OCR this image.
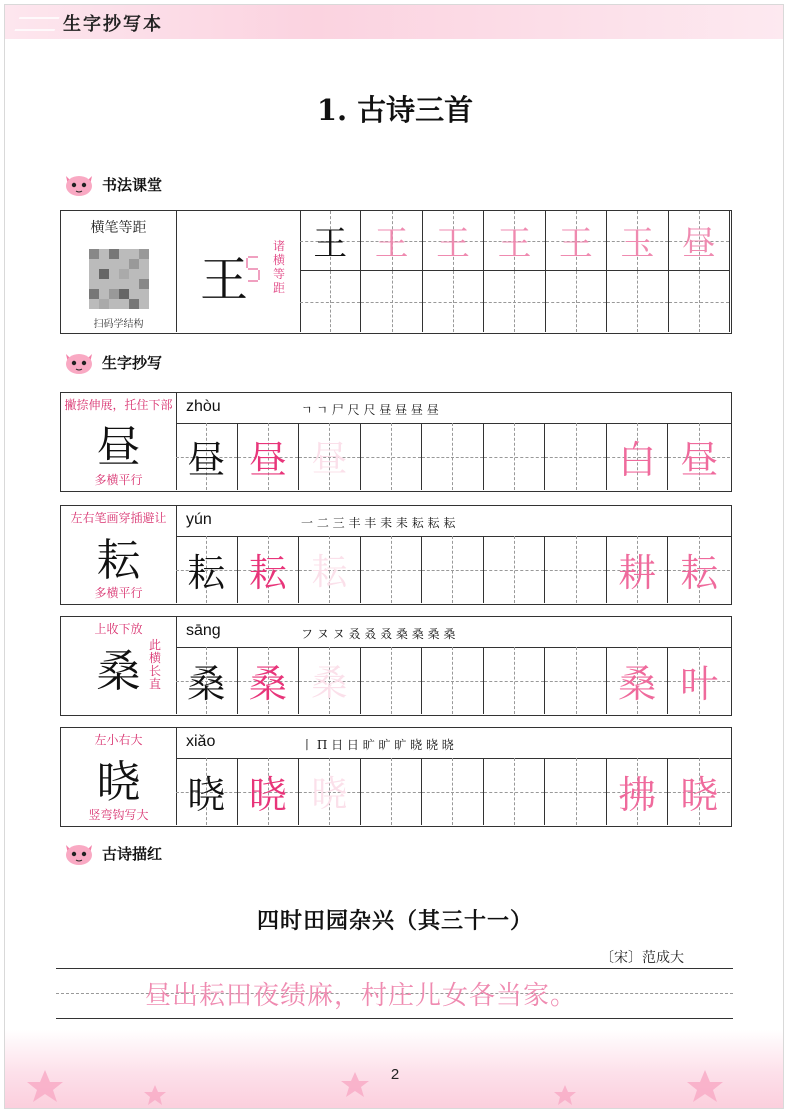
生字抄写本
1. 古诗三首
书法课堂
横笔等距
扫码学结构
王
诸横等距
王 王 王 王 王 玉 昼
生字抄写
撇捺伸展，托住下部
昼
多横平行
zhòu	ㄱ ㄱ 尸 尺 尺 昼 昼 昼 昼
昼 昼 昼	白 昼
左右笔画穿插避让
耘
多横平行
yún	一 二 三 丰 丰 耒 耒 耘 耘 耘
耘 耘 耘	耕 耘
上收下放
桑
此横长直
sāng	フ ヌ ヌ 叒 叒 叒 桑 桑 桑 桑
桑 桑 桑	桑 叶
左小右大
晓
竖弯钩写大
xiǎo	丨 П 日 日 旷 旷 旷 晓 晓 晓
晓 晓 晓	拂 晓
古诗描红
四时田园杂兴（其三十一）
〔宋〕范成大
昼出耘田夜绩麻，村庄儿女各当家。
2
